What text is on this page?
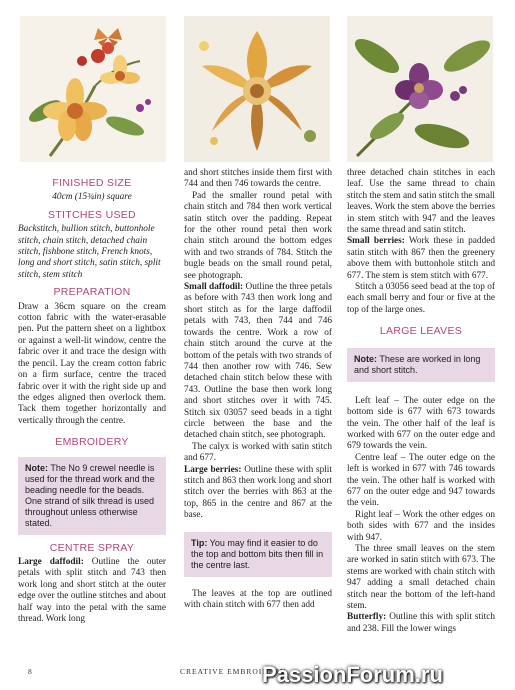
FINISHED SIZE

40cm (15¾in) square

STITCHES USED

Backstitch, bullion stitch, buttonhole stitch, chain stitch, detached chain stitch, fishbone stitch, French knots, long and short stitch, satin stitch, split stitch, stem stitch

PREPARATION

Draw a 36cm square on the cream cotton fabric with the water-erasable pen. Put the pattern sheet on a lightbox or against a well-lit window, centre the fabric over it and trace the design with the pencil. Lay the cream cotton fabric on a firm surface, centre the traced fabric over it with the right side up and the edges aligned then overlock them. Tack them together horizontally and vertically through the centre.

EMBROIDERY
Note: The No 9 crewel needle is used for the thread work and the beading needle for the beads. One strand of silk thread is used throughout unless otherwise stated.
CENTRE SPRAY

Large daffodil: Outline the outer petals with split stitch and 743 then work long and short stitch at the outer edge over the outline stitches and about half way into the petal with the same thread. Work long

and short stitches inside them first with 744 and then 746 towards the centre.

Pad the smaller round petal with chain stitch and 784 then work vertical satin stitch over the padding. Repeat for the other round petal then work chain stitch around the bottom edges with and two strands of 784. Stitch the bugle beads on the small round petal, see photograph.

Small daffodil: Outline the three petals as before with 743 then work long and short stitch as for the large daffodil petals with 743, then 744 and 746 towards the centre. Work a row of chain stitch around the curve at the bottom of the petals with two strands of 744 then another row with 746. Sew detached chain stitch below these with 743. Outline the base then work long and short stitches over it with 745. Stitch six 03057 seed beads in a tight circle between the base and the detached chain stitch, see photograph.

The calyx is worked with satin stitch and 677.

Large berries: Outline these with split stitch and 863 then work long and short stitch over the berries with 863 at the top, 865 in the centre and 867 at the base.

Tip: You may find it easier to do the top and bottom bits then fill in the centre last.

The leaves at the top are outlined with chain stitch with 677 then add

three detached chain stitches in each leaf. Use the same thread to chain stitch the stem and satin stitch the small leaves. Work the stem above the berries in stem stitch with 947 and the leaves the same thread and satin stitch.

Small berries: Work these in padded satin stitch with 867 then the greenery above them with buttonhole stitch and 677. The stem is stem stitch with 677.

Stitch a 03056 seed bead at the top of each small berry and four or five at the top of the large ones.

LARGE LEAVES
Note: These are worked in long and short stitch.

Left leaf – The outer edge on the bottom side is 677 with 673 towards the vein. The other half of the leaf is worked with 677 on the outer edge and 679 towards the vein.

Centre leaf – The outer edge on the left is worked in 677 with 746 towards the vein. The other half is worked with 677 on the outer edge and 947 towards the vein.

Right leaf – Work the other edges on both sides with 677 and the insides with 947.

The three small leaves on the stem are worked in satin stitch with 673. The stems are worked with chain stitch with 947 adding a small detached chain stitch near the bottom of the left-hand stem.

Butterfly: Outline this with split stitch and 238. Fill the lower wings

8	CREATIVE EMBROIDERY
PassionForum.ru
